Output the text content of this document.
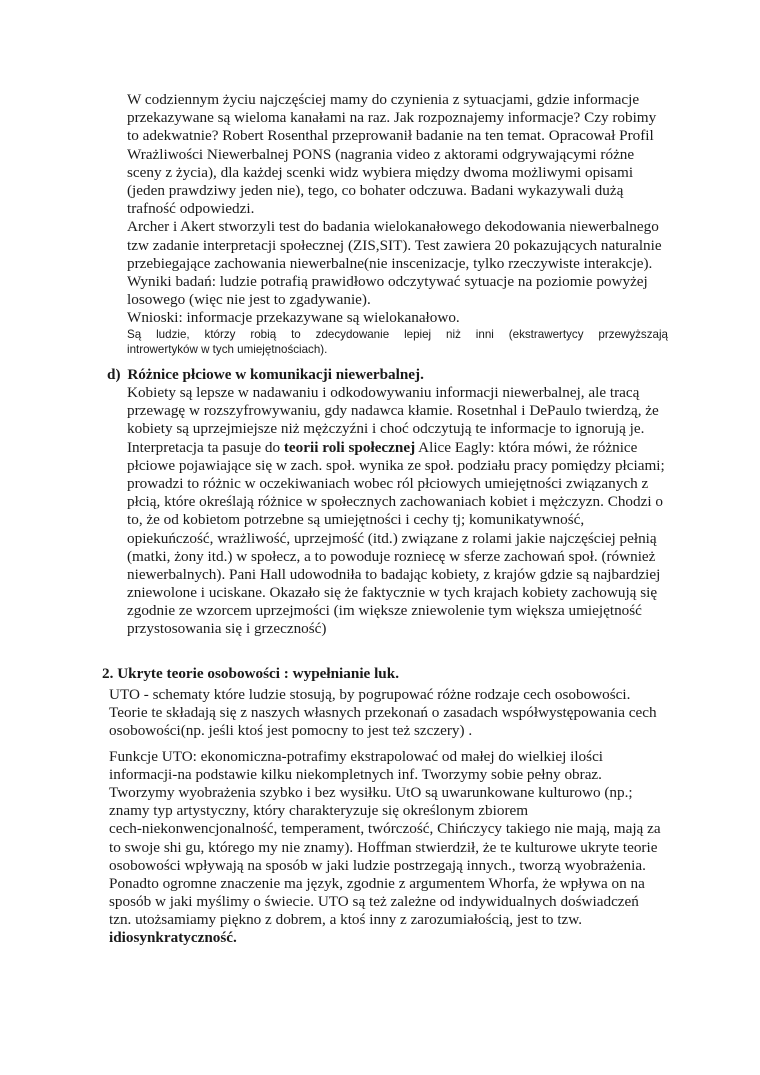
W codziennym życiu najczęściej mamy do czynienia z sytuacjami, gdzie informacje
przekazywane są wieloma kanałami na raz. Jak rozpoznajemy informacje? Czy robimy
to adekwatnie? Robert Rosenthal przeprowanił badanie na ten temat. Opracował Profil
Wrażliwości Niewerbalnej PONS (nagrania video z aktorami odgrywającymi różne
sceny z życia), dla każdej scenki widz wybiera między dwoma możliwymi opisami
(jeden prawdziwy jeden nie), tego, co bohater odczuwa. Badani wykazywali dużą
trafność odpowiedzi.
Archer i Akert stworzyli test do badania wielokanałowego dekodowania niewerbalnego
tzw zadanie interpretacji społecznej (ZIS,SIT). Test zawiera 20 pokazujących naturalnie
przebiegające zachowania niewerbalne(nie inscenizacje, tylko rzeczywiste interakcje).
Wyniki badań: ludzie potrafią prawidłowo odczytywać sytuacje na poziomie powyżej
losowego (więc nie jest to zgadywanie).
Wnioski: informacje przekazywane są wielokanałowo.
Są ludzie, którzy robią to zdecydowanie lepiej niż inni (ekstrawertycy przewyższają
introwertyków w tych umiejętnościach).
d) Różnice płciowe w komunikacji niewerbalnej.
Kobiety są lepsze w nadawaniu i odkodowywaniu informacji niewerbalnej, ale tracą
przewagę w rozszyfrowywaniu, gdy nadawca kłamie. Rosetnhal i DePaulo twierdzą, że
kobiety są uprzejmiejsze niż mężczyźni i choć odczytują te informacje to ignorują je.
Interpretacja ta pasuje do teorii roli społecznej Alice Eagly: która mówi, że różnice
płciowe pojawiające się w zach. społ. wynika ze społ. podziału pracy pomiędzy płciami;
prowadzi to różnic w oczekiwaniach wobec ról płciowych umiejętności związanych z
płcią, które określają różnice w społecznych zachowaniach kobiet i mężczyzn. Chodzi o
to, że od kobietom potrzebne są umiejętności i cechy tj; komunikatywność,
opiekuńczość, wrażliwość, uprzejmość (itd.) związane z rolami jakie najczęściej pełnią
(matki, żony itd.) w społecz, a to powoduje rozniecę w sferze zachowań społ. (również
niewerbalnych). Pani Hall udowodniła to badając kobiety, z krajów gdzie są najbardziej
zniewolone i uciskane. Okazało się że faktycznie w tych krajach kobiety zachowują się
zgodnie ze wzorcem uprzejmości (im większe zniewolenie tym większa umiejętność
przystosowania się i grzeczność)
2. Ukryte teorie osobowości : wypełnianie luk.
UTO - schematy które ludzie stosują, by pogrupować różne rodzaje cech osobowości.
Teorie te składają się z naszych własnych przekonań o zasadach współwystępowania cech
osobowości(np. jeśli ktoś jest pomocny to jest też szczery) .
Funkcje UTO: ekonomiczna-potrafimy ekstrapolować od małej do wielkiej ilości
informacji-na podstawie kilku niekompletnych inf. Tworzymy sobie pełny obraz.
Tworzymy wyobrażenia szybko i bez wysiłku. UtO są uwarunkowane kulturowo (np.;
znamy typ artystyczny, który charakteryzuje się określonym zbiorem
cech-niekonwencjonalność, temperament, twórczość, Chińczycy takiego nie mają, mają za
to swoje shi gu, którego my nie znamy). Hoffman stwierdził, że te kulturowe ukryte teorie
osobowości wpływają na sposób w jaki ludzie postrzegają innych., tworzą wyobrażenia.
Ponadto ogromne znaczenie ma język, zgodnie z argumentem Whorfa, że wpływa on na
sposób w jaki myślimy o świecie. UTO są też zależne od indywidualnych doświadczeń
tzn. utożsamiamy piękno z dobrem, a ktoś inny z zarozumiałością, jest to tzw.
idiosynkratyczność.
